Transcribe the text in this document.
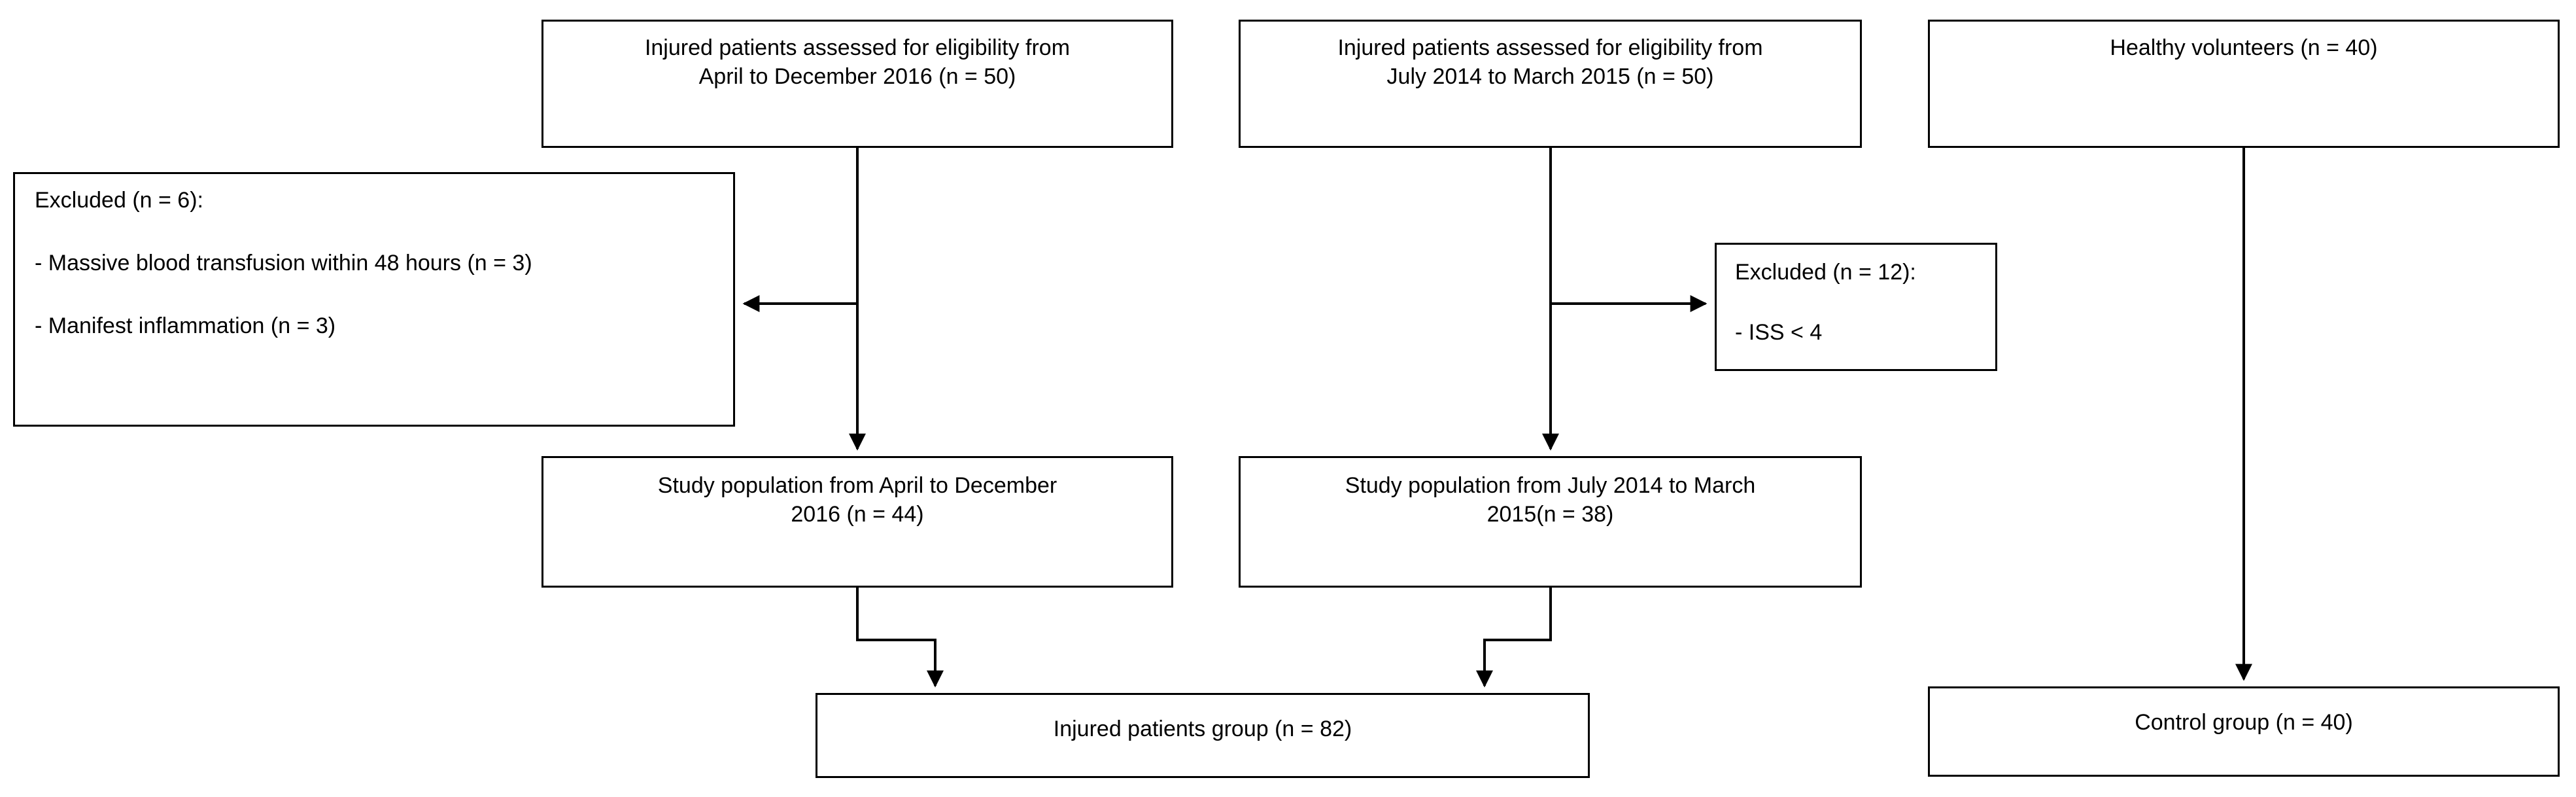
Injured patients assessed for eligibility from
April to December 2016 (n = 50)
Injured patients assessed for eligibility from
July 2014 to March 2015 (n = 50)
Healthy volunteers (n = 40)
Excluded (n = 6):
- Massive blood transfusion within 48 hours (n = 3)
- Manifest inflammation (n = 3)
Excluded (n = 12):
- ISS < 4
Study population from April to December
2016 (n = 44)
Study population from July 2014 to March
2015(n = 38)
Injured patients group (n = 82)	Control group (n = 40)
